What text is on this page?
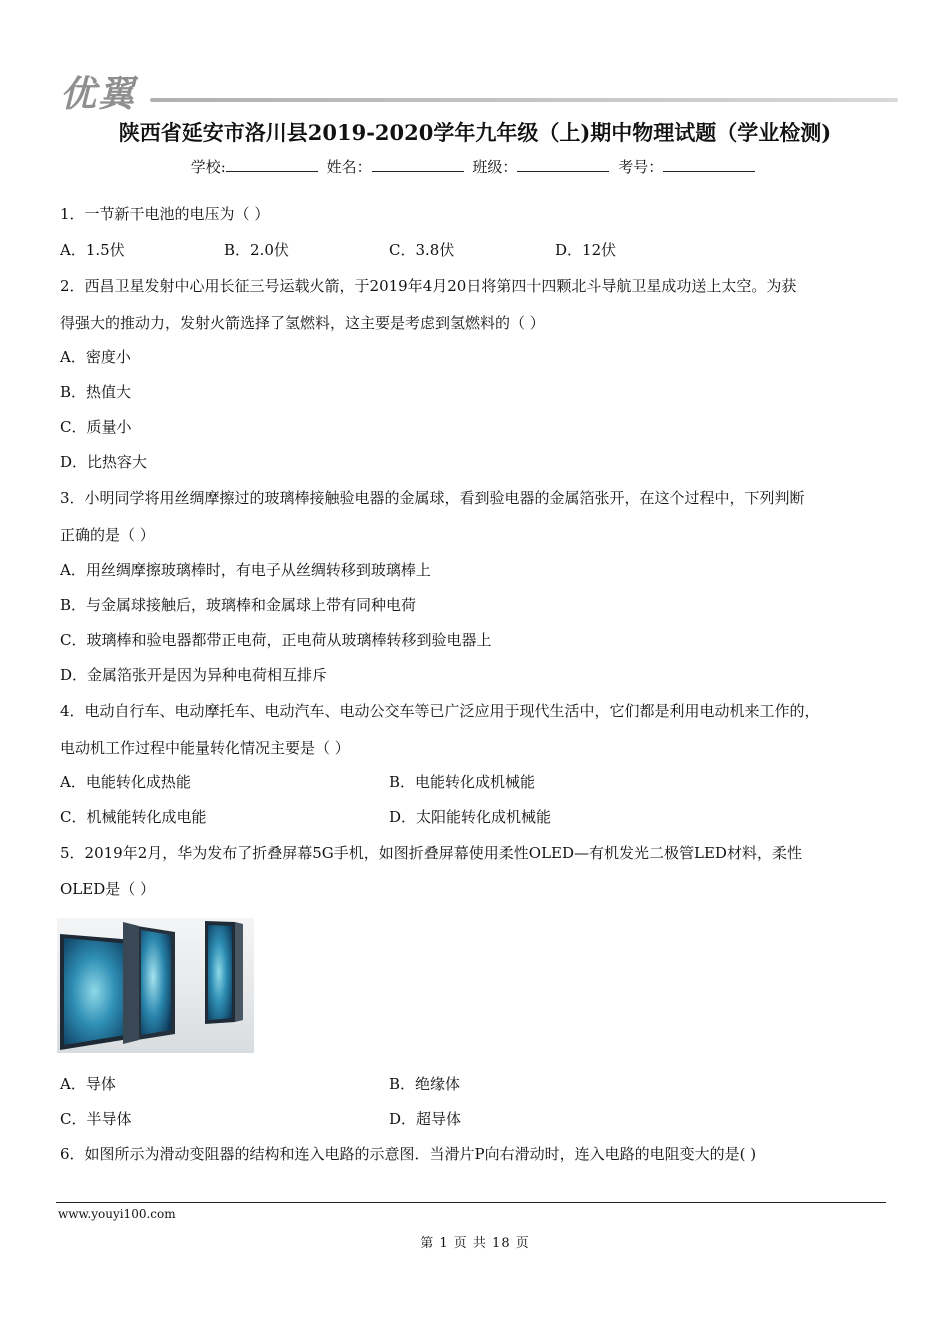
优翼
陕西省延安市洛川县2019-2020学年九年级（上)期中物理试题（学业检测)
学校:	姓名：	班级：	考号：
1．一节新干电池的电压为（ ）
A．1.5伏	B．2.0伏	C．3.8伏	D．12伏
2．西昌卫星发射中心用长征三号运载火箭，于2019年4月20日将第四十四颗北斗导航卫星成功送上太空。为获
得强大的推动力，发射火箭选择了氢燃料，这主要是考虑到氢燃料的（ ）
A．密度小
B．热值大
C．质量小
D．比热容大
3．小明同学将用丝绸摩擦过的玻璃棒接触验电器的金属球，看到验电器的金属箔张开，在这个过程中，下列判断
正确的是（ ）
A．用丝绸摩擦玻璃棒时，有电子从丝绸转移到玻璃棒上
B．与金属球接触后，玻璃棒和金属球上带有同种电荷
C．玻璃棒和验电器都带正电荷，正电荷从玻璃棒转移到验电器上
D．金属箔张开是因为异种电荷相互排斥
4．电动自行车、电动摩托车、电动汽车、电动公交车等已广泛应用于现代生活中，它们都是利用电动机来工作的，
电动机工作过程中能量转化情况主要是（ ）
A．电能转化成热能	B．电能转化成机械能
C．机械能转化成电能	D．太阳能转化成机械能
5．2019年2月，华为发布了折叠屏幕5G手机，如图折叠屏幕使用柔性OLED—有机发光二极管LED材料，柔性
OLED是（ ）
A．导体	B．绝缘体
C．半导体	D．超导体
6．如图所示为滑动变阻器的结构和连入电路的示意图．当滑片P向右滑动时，连入电路的电阻变大的是( )
www.youyi100.com
第 1 页 共 18 页
